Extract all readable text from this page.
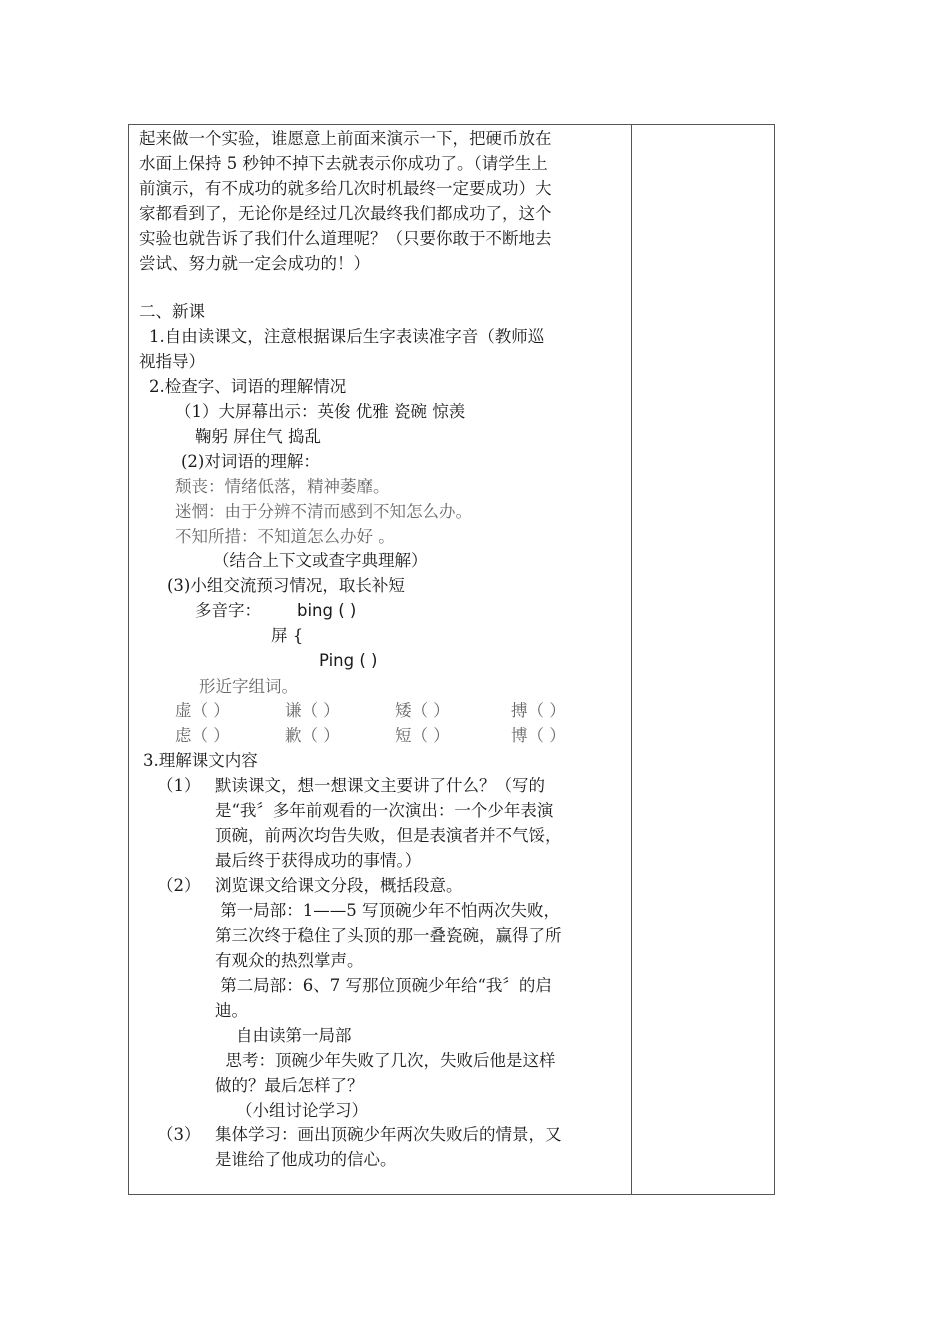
起来做一个实验，谁愿意上前面来演示一下，把硬币放在
水面上保持 5 秒钟不掉下去就表示你成功了。（请学生上
前演示，有不成功的就多给几次时机最终一定要成功）大
家都看到了，无论你是经过几次最终我们都成功了，这个
实验也就告诉了我们什么道理呢？（只要你敢于不断地去
尝试、努力就一定会成功的！）
二、新课
1.自由读课文，注意根据课后生字表读准字音（教师巡
视指导）
2.检查字、词语的理解情况
（1）大屏幕出示：英俊 优雅 瓷碗 惊羡
鞠躬 屏住气 捣乱
(2)对词语的理解：
颓丧：情绪低落，精神萎靡。
迷惘：由于分辨不清而感到不知怎么办。
不知所措：不知道怎么办好 。
（结合上下文或查字典理解）
(3)小组交流预习情况，取长补短
多音字： bing ( )
屏 {
Ping ( )
形近字组词。
虚（ ）	谦（ ）	矮（ ）	搏（ ）
虑（ ）	歉（ ）	短（ ）	博（ ）
3.理解课文内容
（1） 默读课文，想一想课文主要讲了什么？（写的
是“我〞多年前观看的一次演出：一个少年表演
顶碗，前两次均告失败，但是表演者并不气馁，
最后终于获得成功的事情。）
（2） 浏览课文给课文分段，概括段意。
第一局部：1——5 写顶碗少年不怕两次失败，
第三次终于稳住了头顶的那一叠瓷碗，赢得了所
有观众的热烈掌声。
第二局部：6、7 写那位顶碗少年给“我〞的启
迪。
自由读第一局部
思考：顶碗少年失败了几次，失败后他是这样
做的？最后怎样了？
（小组讨论学习）
（3） 集体学习：画出顶碗少年两次失败后的情景，又
是谁给了他成功的信心。
